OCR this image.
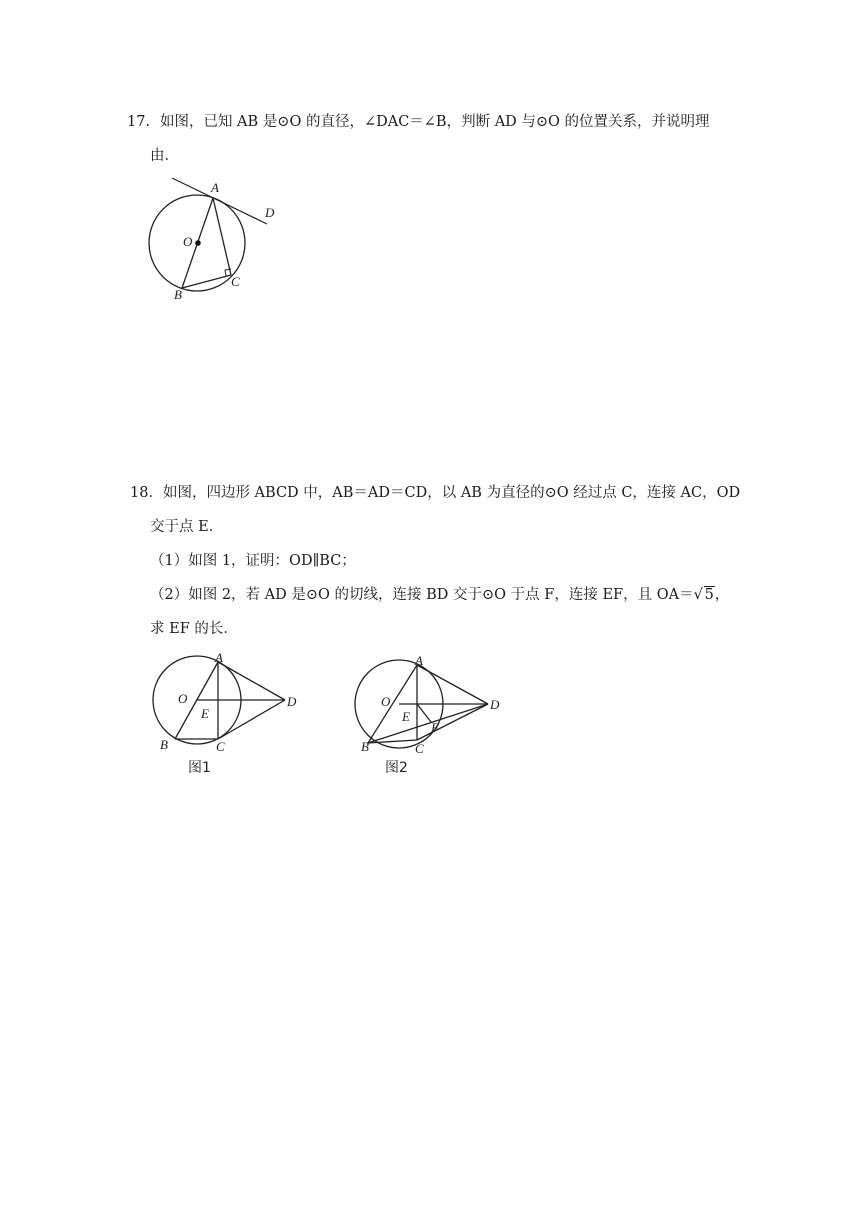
17．如图，已知 AB 是⊙O 的直径，∠DAC＝∠B，判断 AD 与⊙O 的位置关系，并说明理
由．
A
D
O
C
B
18．如图，四边形 ABCD 中，AB＝AD＝CD，以 AB 为直径的⊙O 经过点 C，连接 AC，OD
交于点 E．
（1）如图 1，证明：OD∥BC；
（2）如图 2，若 AD 是⊙O 的切线，连接 BD 交于⊙O 于点 F，连接 EF，且 OA＝ √ 5，
求 EF 的长．
A
O
E
D
B	C
图1
A
O
E
F
D
B	C
图2
